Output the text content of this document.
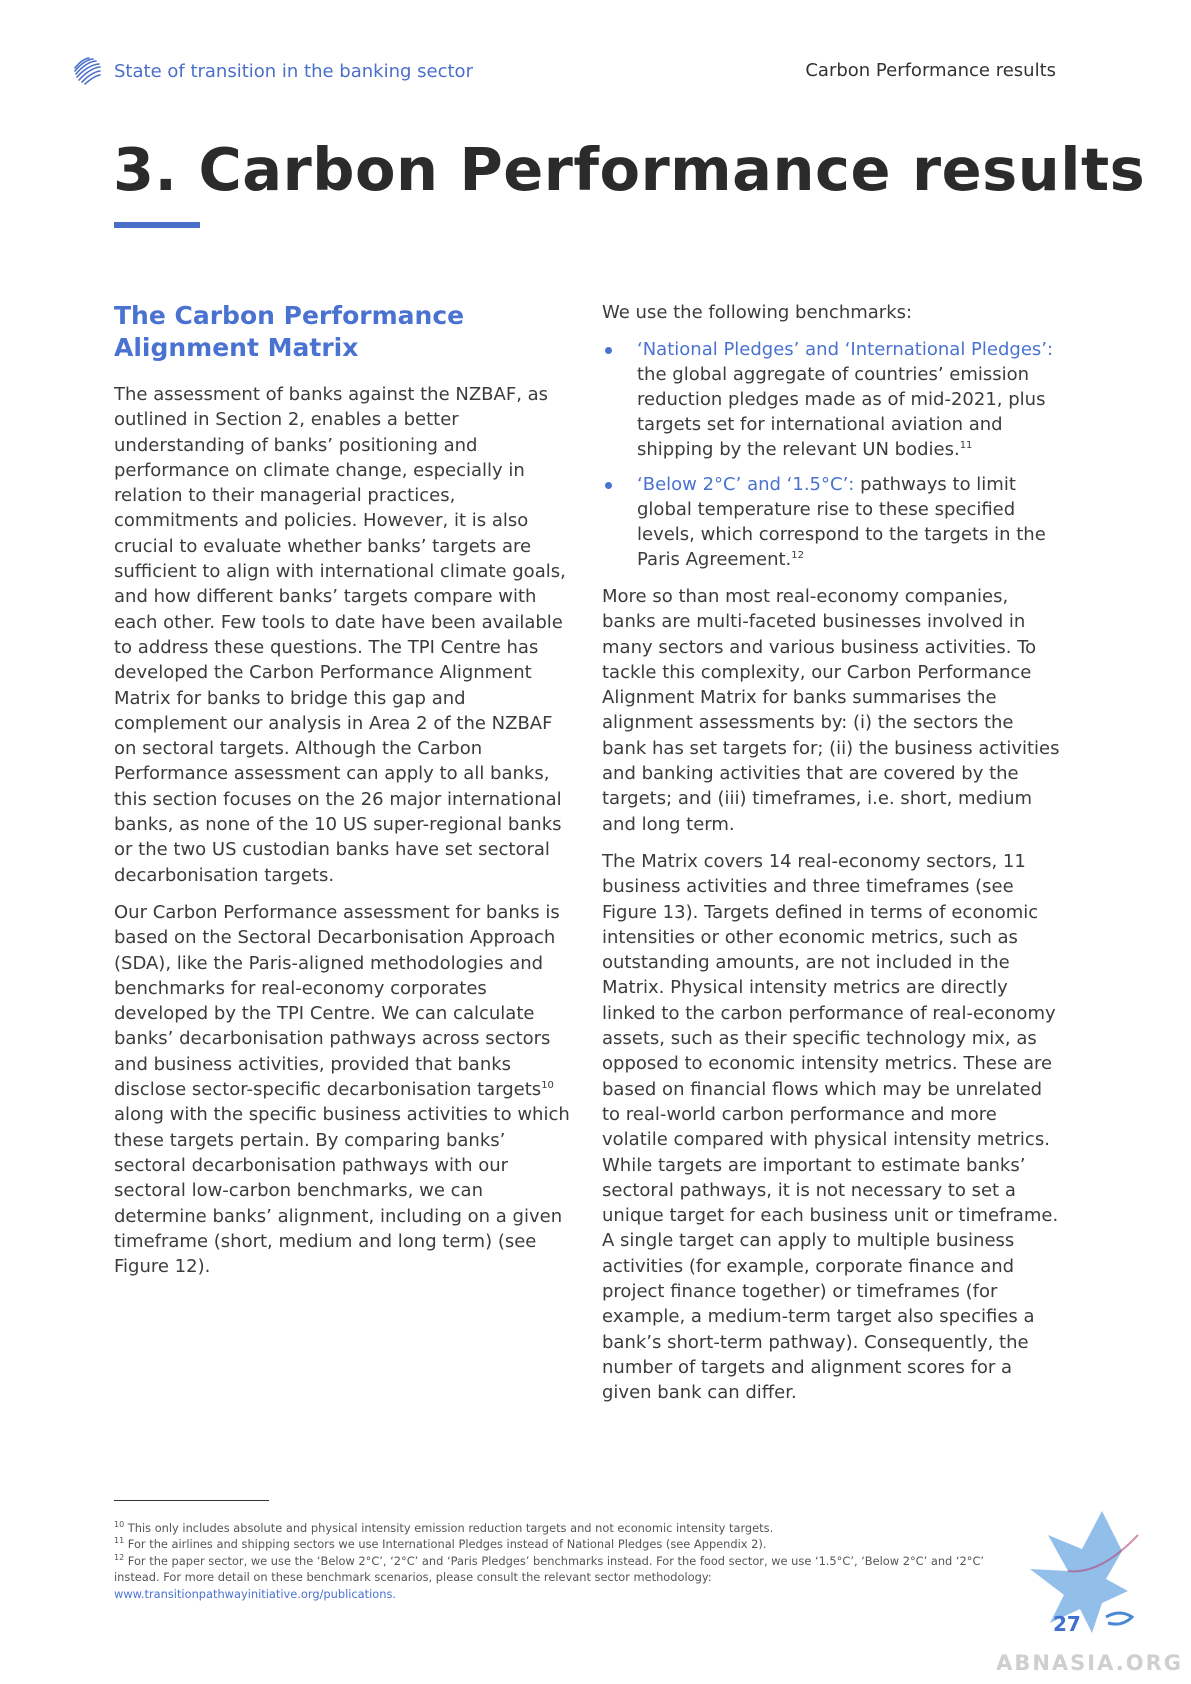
State of transition in the banking sector	Carbon Performance results
3. Carbon Performance results
The Carbon Performance Alignment Matrix

The assessment of banks against the NZBAF, as outlined in Section 2, enables a better understanding of banks’ positioning and performance on climate change, especially in relation to their managerial practices, commitments and policies. However, it is also crucial to evaluate whether banks’ targets are sufficient to align with international climate goals, and how different banks’ targets compare with each other. Few tools to date have been available to address these questions. The TPI Centre has developed the Carbon Performance Alignment Matrix for banks to bridge this gap and complement our analysis in Area 2 of the NZBAF on sectoral targets. Although the Carbon Performance assessment can apply to all banks, this section focuses on the 26 major international banks, as none of the 10 US super-regional banks or the two US custodian banks have set sectoral decarbonisation targets.

Our Carbon Performance assessment for banks is based on the Sectoral Decarbonisation Approach (SDA), like the Paris-aligned methodologies and benchmarks for real-economy corporates developed by the TPI Centre. We can calculate banks’ decarbonisation pathways across sectors and business activities, provided that banks disclose sector-specific decarbonisation targets$^{10}$ along with the specific business activities to which these targets pertain. By comparing banks’ sectoral decarbonisation pathways with our sectoral low-carbon benchmarks, we can determine banks’ alignment, including on a given timeframe (short, medium and long term) (see Figure 12).

We use the following benchmarks:

‘National Pledges’ and ‘International Pledges’: the global aggregate of countries’ emission reduction pledges made as of mid-2021, plus targets set for international aviation and shipping by the relevant UN bodies.$^{11}$
‘Below 2°C’ and ‘1.5°C’: pathways to limit global temperature rise to these specified levels, which correspond to the targets in the Paris Agreement.$^{12}$

More so than most real-economy companies, banks are multi-faceted businesses involved in many sectors and various business activities. To tackle this complexity, our Carbon Performance Alignment Matrix for banks summarises the alignment assessments by: (i) the sectors the bank has set targets for; (ii) the business activities and banking activities that are covered by the targets; and (iii) timeframes, i.e. short, medium and long term.

The Matrix covers 14 real-economy sectors, 11 business activities and three timeframes (see Figure 13). Targets defined in terms of economic intensities or other economic metrics, such as outstanding amounts, are not included in the Matrix. Physical intensity metrics are directly linked to the carbon performance of real-economy assets, such as their specific technology mix, as opposed to economic intensity metrics. These are based on financial flows which may be unrelated to real-world carbon performance and more volatile compared with physical intensity metrics. While targets are important to estimate banks’ sectoral pathways, it is not necessary to set a unique target for each business unit or timeframe. A single target can apply to multiple business activities (for example, corporate finance and project finance together) or timeframes (for example, a medium-term target also specifies a bank’s short-term pathway). Consequently, the number of targets and alignment scores for a given bank can differ.

$^{10}$ This only includes absolute and physical intensity emission reduction targets and not economic intensity targets.

$^{11}$ For the airlines and shipping sectors we use International Pledges instead of National Pledges (see Appendix 2).

$^{12}$ For the paper sector, we use the ‘Below 2°C’, ‘2°C’ and ‘Paris Pledges’ benchmarks instead. For the food sector, we use ‘1.5°C’, ‘Below 2°C’ and ‘2°C’ instead. For more detail on these benchmark scenarios, please consult the relevant sector methodology:

www.transitionpathwayinitiative.org/publications.

27
ABNASIA.ORG
